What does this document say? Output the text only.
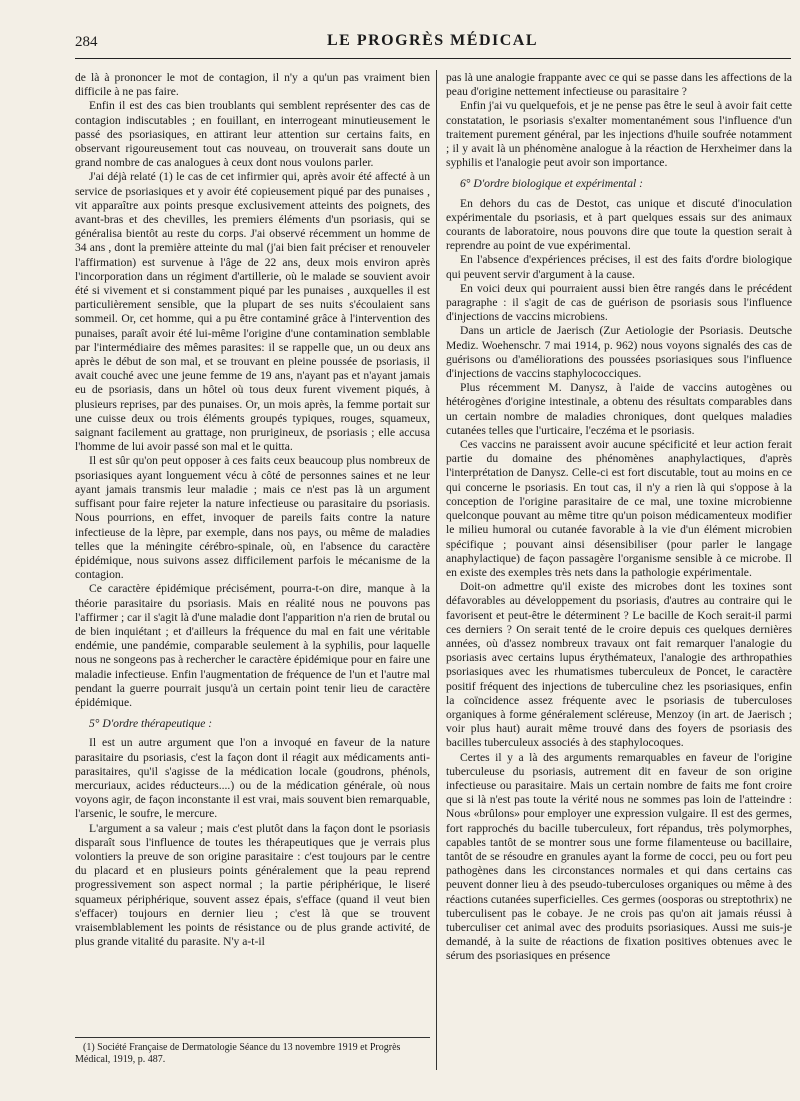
284	LE PROGRÈS MÉDICAL

de là à prononcer le mot de contagion, il n'y a qu'un pas vraiment bien difficile à ne pas faire.

Enfin il est des cas bien troublants qui semblent représenter des cas de contagion indiscutables ; en fouillant, en interrogeant minutieusement le passé des psoriasiques, en attirant leur attention sur certains faits, en observant rigoureusement tout cas nouveau, on trouverait sans doute un grand nombre de cas analogues à ceux dont nous voulons parler.

J'ai déjà relaté (1) le cas de cet infirmier qui, après avoir été affecté à un service de psoriasiques et y avoir été copieusement piqué par des punaises , vit apparaître aux points presque exclusivement atteints des poignets, des avant-bras et des chevilles, les premiers éléments d'un psoriasis, qui se généralisa bientôt au reste du corps. J'ai observé récemment un homme de 34 ans , dont la première atteinte du mal (j'ai bien fait préciser et renouveler l'affirmation) est survenue à l'âge de 22 ans, deux mois environ après l'incorporation dans un régiment d'artillerie, où le malade se souvient avoir été si vivement et si constamment piqué par les punaises , auxquelles il est particulièrement sensible, que la plupart de ses nuits s'écoulaient sans sommeil. Or, cet homme, qui a pu être contaminé grâce à l'intervention des punaises, paraît avoir été lui-même l'origine d'une contamination semblable par l'intermédiaire des mêmes parasites: il se rappelle que, un ou deux ans après le début de son mal, et se trouvant en pleine poussée de psoriasis, il avait couché avec une jeune femme de 19 ans, n'ayant pas et n'ayant jamais eu de psoriasis, dans un hôtel où tous deux furent vivement piqués, à plusieurs reprises, par des punaises. Or, un mois après, la femme portait sur une cuisse deux ou trois éléments groupés typiques, rouges, squameux, saignant facilement au grattage, non prurigineux, de psoriasis ; elle accusa l'homme de lui avoir passé son mal et le quitta.

Il est sûr qu'on peut opposer à ces faits ceux beaucoup plus nombreux de psoriasiques ayant longuement vécu à côté de personnes saines et ne leur ayant jamais transmis leur maladie ; mais ce n'est pas là un argument suffisant pour faire rejeter la nature infectieuse ou parasitaire du psoriasis. Nous pourrions, en effet, invoquer de pareils faits contre la nature infectieuse de la lèpre, par exemple, dans nos pays, ou même de maladies telles que la méningite cérébro-spinale, où, en l'absence du caractère épidémique, nous suivons assez difficilement parfois le mécanisme de la contagion.

Ce caractère épidémique précisément, pourra-t-on dire, manque à la théorie parasitaire du psoriasis. Mais en réalité nous ne pouvons pas l'affirmer ; car il s'agit là d'une maladie dont l'apparition n'a rien de brutal ou de bien inquiétant ; et d'ailleurs la fréquence du mal en fait une véritable endémie, une pandémie, comparable seulement à la syphilis, pour laquelle nous ne songeons pas à rechercher le caractère épidémique pour en faire une maladie infectieuse. Enfin l'augmentation de fréquence de l'un et l'autre mal pendant la guerre pourrait jusqu'à un certain point tenir lieu de caractère épidémique.

5° D'ordre thérapeutique :

Il est un autre argument que l'on a invoqué en faveur de la nature parasitaire du psoriasis, c'est la façon dont il réagit aux médicaments anti-parasitaires, qu'il s'agisse de la médication locale (goudrons, phénols, mercuriaux, acides réducteurs....) ou de la médication générale, où nous voyons agir, de façon inconstante il est vrai, mais souvent bien remarquable, l'arsenic, le soufre, le mercure.

L'argument a sa valeur ; mais c'est plutôt dans la façon dont le psoriasis disparaît sous l'influence de toutes les thérapeutiques que je verrais plus volontiers la preuve de son origine parasitaire : c'est toujours par le centre du placard et en plusieurs points généralement que la peau reprend progressivement son aspect normal ; la partie périphérique, le liseré squameux périphérique, souvent assez épais, s'efface (quand il veut bien s'effacer) toujours en dernier lieu ; c'est là que se trouvent vraisemblablement les points de résistance ou de plus grande activité, de plus grande vitalité du parasite. N'y a-t-il

pas là une analogie frappante avec ce qui se passe dans les affections de la peau d'origine nettement infectieuse ou parasitaire ?

Enfin j'ai vu quelquefois, et je ne pense pas être le seul à avoir fait cette constatation, le psoriasis s'exalter momentanément sous l'influence d'un traitement purement général, par les injections d'huile soufrée notamment ; il y avait là un phénomène analogue à la réaction de Herxheimer dans la syphilis et l'analogie peut avoir son importance.

6° D'ordre biologique et expérimental :

En dehors du cas de Destot, cas unique et discuté d'inoculation expérimentale du psoriasis, et à part quelques essais sur des animaux courants de laboratoire, nous pouvons dire que toute la question serait à reprendre au point de vue expérimental.

En l'absence d'expériences précises, il est des faits d'ordre biologique qui peuvent servir d'argument à la cause.

En voici deux qui pourraient aussi bien être rangés dans le précédent paragraphe : il s'agit de cas de guérison de psoriasis sous l'influence d'injections de vaccins microbiens.

Dans un article de Jaerisch (Zur Aetiologie der Psoriasis. Deutsche Mediz. Woehenschr. 7 mai 1914, p. 962) nous voyons signalés des cas de guérisons ou d'améliorations des poussées psoriasiques sous l'influence d'injections de vaccins staphylococciques.

Plus récemment M. Danysz, à l'aide de vaccins autogènes ou hétérogènes d'origine intestinale, a obtenu des résultats comparables dans un certain nombre de maladies chroniques, dont quelques maladies cutanées telles que l'urticaire, l'eczéma et le psoriasis.

Ces vaccins ne paraissent avoir aucune spécificité et leur action ferait partie du domaine des phénomènes anaphylactiques, d'après l'interprétation de Danysz. Celle-ci est fort discutable, tout au moins en ce qui concerne le psoriasis. En tout cas, il n'y a rien là qui s'oppose à la conception de l'origine parasitaire de ce mal, une toxine microbienne quelconque pouvant au même titre qu'un poison médicamenteux modifier le milieu humoral ou cutanée favorable à la vie d'un élément microbien spécifique ; pouvant ainsi désensibiliser (pour parler le langage anaphylactique) de façon passagère l'organisme sensible à ce microbe. Il en existe des exemples très nets dans la pathologie expérimentale.

Doit-on admettre qu'il existe des microbes dont les toxines sont défavorables au développement du psoriasis, d'autres au contraire qui le favorisent et peut-être le déterminent ? Le bacille de Koch serait-il parmi ces derniers ? On serait tenté de le croire depuis ces quelques dernières années, où d'assez nombreux travaux ont fait remarquer l'analogie du psoriasis avec certains lupus érythémateux, l'analogie des arthropathies psoriasiques avec les rhumatismes tuberculeux de Poncet, le caractère positif fréquent des injections de tuberculine chez les psoriasiques, enfin la coïncidence assez fréquente avec le psoriasis de tuberculoses organiques à forme généralement scléreuse, Menzoy (in art. de Jaerisch ; voir plus haut) aurait même trouvé dans des foyers de psoriasis des bacilles tuberculeux associés à des staphylocoques.

Certes il y a là des arguments remarquables en faveur de l'origine tuberculeuse du psoriasis, autrement dit en faveur de son origine infectieuse ou parasitaire. Mais un certain nombre de faits me font croire que si là n'est pas toute la vérité nous ne sommes pas loin de l'atteindre : Nous «brûlons» pour employer une expression vulgaire. Il est des germes, fort rapprochés du bacille tuberculeux, fort répandus, très polymorphes, capables tantôt de se montrer sous une forme filamenteuse ou bacillaire, tantôt de se résoudre en granules ayant la forme de cocci, peu ou fort peu pathogènes dans les circonstances normales et qui dans certains cas peuvent donner lieu à des pseudo-tuberculoses organiques ou même à des réactions cutanées superficielles. Ces germes (oosporas ou streptothrix) ne tuberculisent pas le cobaye. Je ne crois pas qu'on ait jamais réussi à tuberculiser cet animal avec des produits psoriasiques. Aussi me suis-je demandé, à la suite de réactions de fixation positives obtenues avec le sérum des psoriasiques en présence

(1) Société Française de Dermatologie Séance du 13 novembre 1919 et Progrès Médical, 1919, p. 487.
